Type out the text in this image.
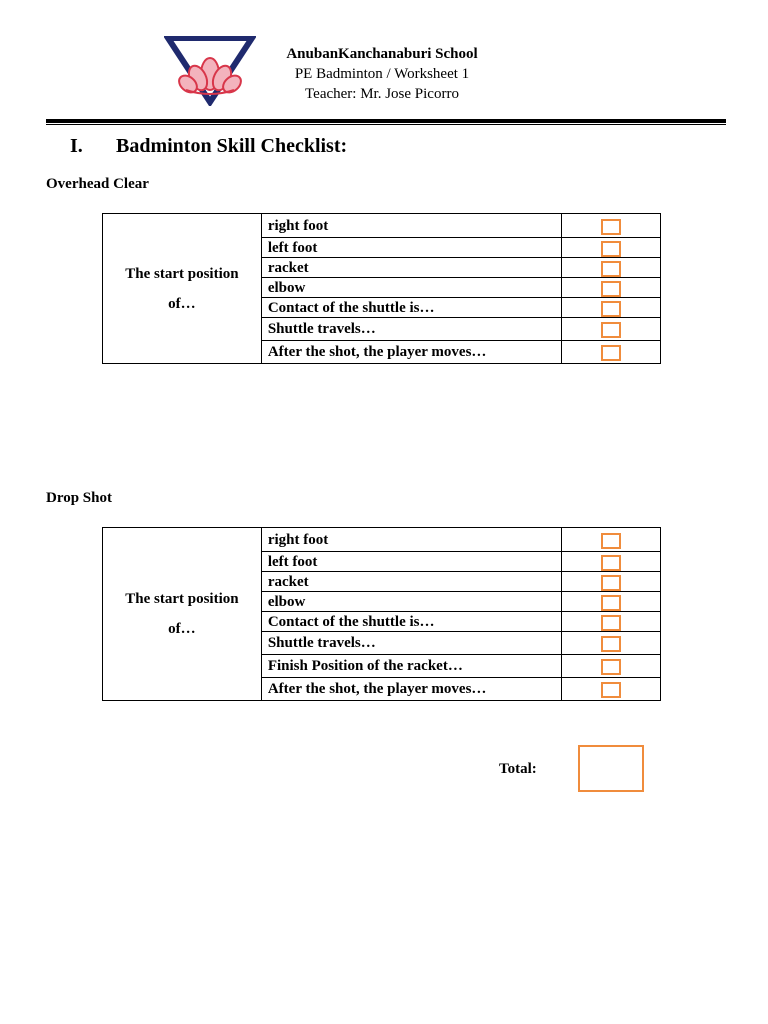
AnubanKanchanaburi School
PE Badminton / Worksheet 1
Teacher: Mr. Jose Picorro
I. Badminton Skill Checklist:
Overhead Clear
The start position
of…	right foot	
	left foot	
	racket	
	elbow	
	Contact of the shuttle is…	
	Shuttle travels…	
	After the shot, the player moves…	
Drop Shot
The start position
of…	right foot	
	left foot	
	racket	
	elbow	
	Contact of the shuttle is…	
	Shuttle travels…	
	Finish Position of the racket…	
	After the shot, the player moves…	
Total:
